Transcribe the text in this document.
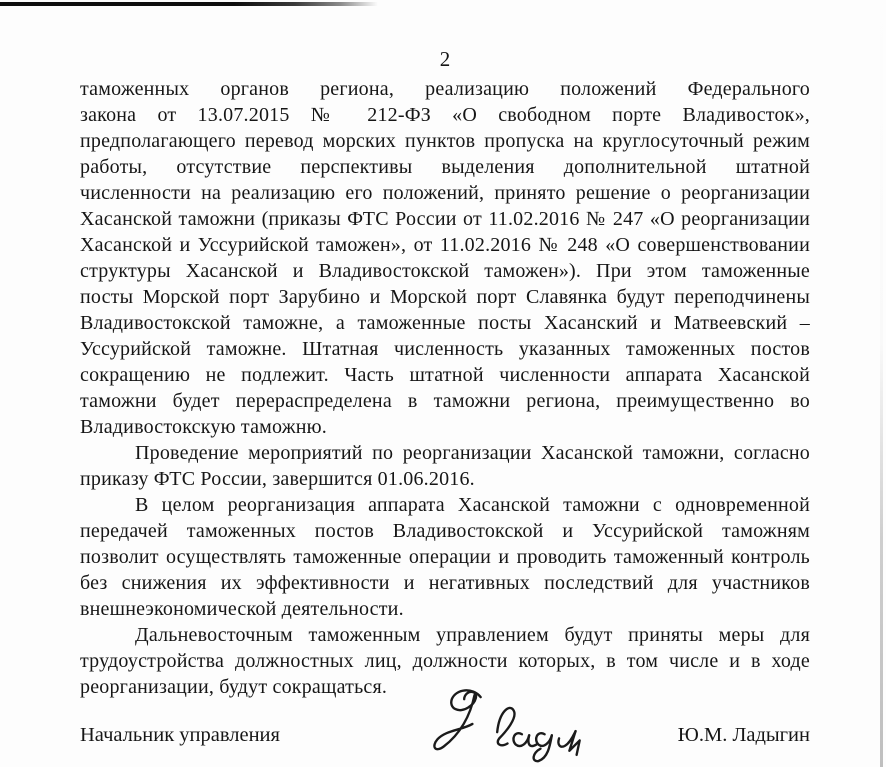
2
таможенных органов региона, реализацию положений Федерального
закона от 13.07.2015 № 212-ФЗ «О свободном порте Владивосток»,
предполагающего перевод морских пунктов пропуска на круглосуточный режим
работы, отсутствие перспективы выделения дополнительной штатной
численности на реализацию его положений, принято решение о реорганизации
Хасанской таможни (приказы ФТС России от 11.02.2016 № 247 «О реорганизации
Хасанской и Уссурийской таможен», от 11.02.2016 № 248 «О совершенствовании
структуры Хасанской и Владивостокской таможен»). При этом таможенные
посты Морской порт Зарубино и Морской порт Славянка будут переподчинены
Владивостокской таможне, а таможенные посты Хасанский и Матвеевский –
Уссурийской таможне. Штатная численность указанных таможенных постов
сокращению не подлежит. Часть штатной численности аппарата Хасанской
таможни будет перераспределена в таможни региона, преимущественно во
Владивостокскую таможню.
Проведение мероприятий по реорганизации Хасанской таможни, согласно
приказу ФТС России, завершится 01.06.2016.
В целом реорганизация аппарата Хасанской таможни с одновременной
передачей таможенных постов Владивостокской и Уссурийской таможням
позволит осуществлять таможенные операции и проводить таможенный контроль
без снижения их эффективности и негативных последствий для участников
внешнеэкономической деятельности.
Дальневосточным таможенным управлением будут приняты меры для
трудоустройства должностных лиц, должности которых, в том числе и в ходе
реорганизации, будут сокращаться.
Начальник управления	Ю.М. Ладыгин
